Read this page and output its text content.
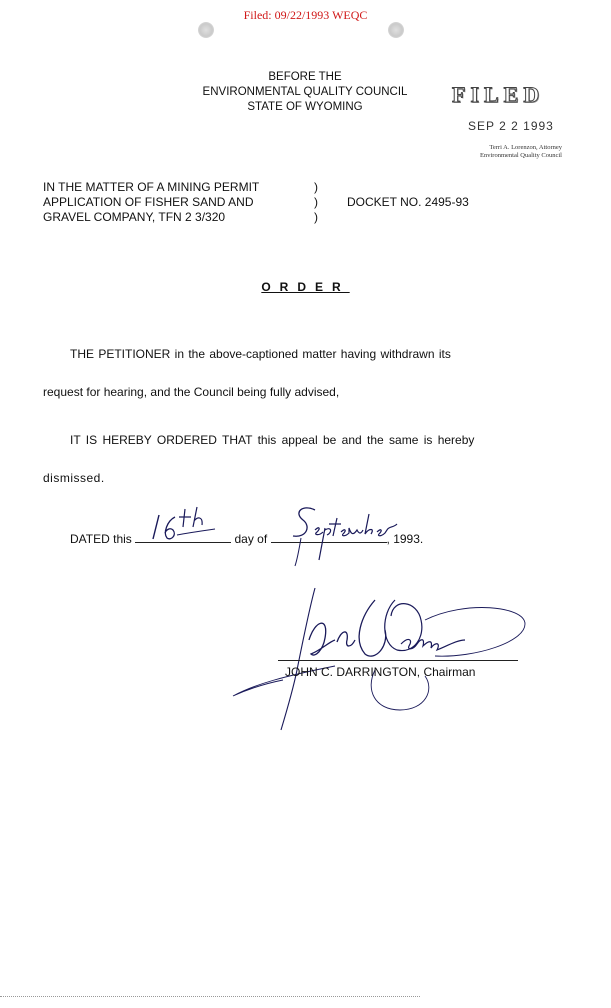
Filed: 09/22/1993 WEQC
BEFORE THE
ENVIRONMENTAL QUALITY COUNCIL
STATE OF WYOMING	FILED
SEP 2 2 1993
Terri A. Lorenzon, Attorney
Environmental Quality Council
IN THE MATTER OF A MINING PERMIT
APPLICATION OF FISHER SAND AND
GRAVEL COMPANY, TFN 2 3/320
)
)
)
DOCKET NO. 2495-93
ORDER
THE PETITIONER in the above-captioned matter having withdrawn its
request for hearing, and the Council being fully advised,
IT IS HEREBY ORDERED THAT this appeal be and the same is hereby
dismissed.
DATED this	day of	, 1993.
JOHN C. DARRINGTON, Chairman
